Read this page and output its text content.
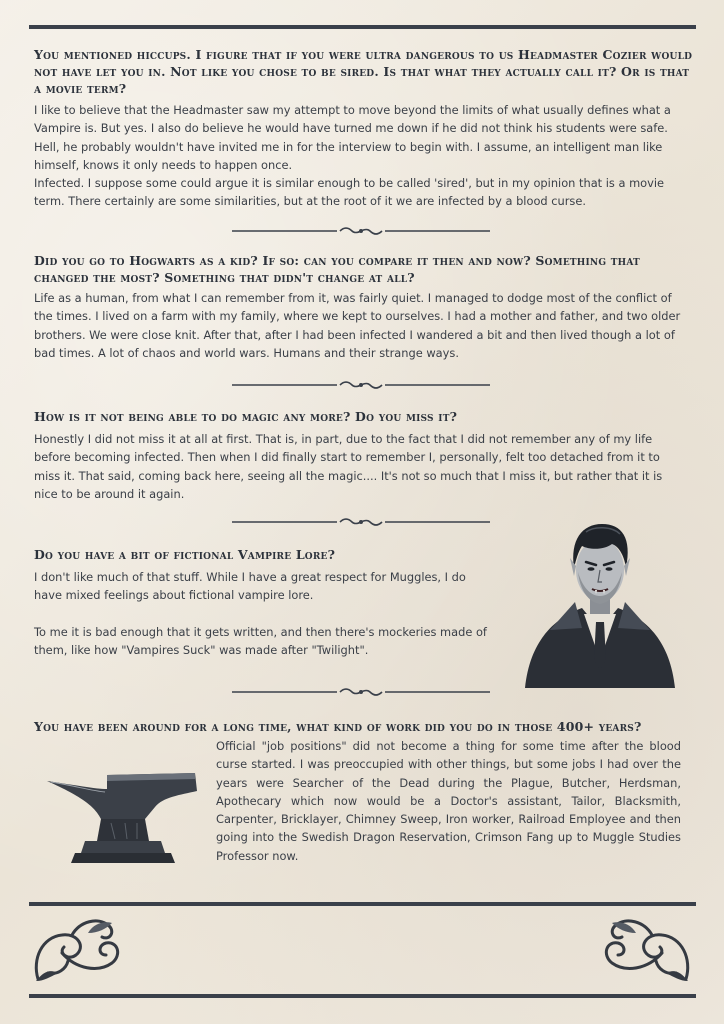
You mentioned hiccups. I figure that if you were ultra dangerous to us Headmaster Cozier would not have let you in. Not like you chose to be sired. Is that what they actually call it? Or is that a movie term?

I like to believe that the Headmaster saw my attempt to move beyond the limits of what usually defines what a Vampire is. But yes. I also do believe he would have turned me down if he did not think his students were safe. Hell, he probably wouldn't have invited me in for the interview to begin with. I assume, an intelligent man like himself, knows it only needs to happen once.

Infected. I suppose some could argue it is similar enough to be called 'sired', but in my opinion that is a movie term. There certainly are some similarities, but at the root of it we are infected by a blood curse.

Did you go to Hogwarts as a kid? If so: can you compare it then and now? Something that changed the most? Something that didn't change at all?

Life as a human, from what I can remember from it, was fairly quiet. I managed to dodge most of the conflict of the times. I lived on a farm with my family, where we kept to ourselves. I had a mother and father, and two older brothers. We were close knit. After that, after I had been infected I wandered a bit and then lived though a lot of bad times. A lot of chaos and world wars. Humans and their strange ways.

How is it not being able to do magic any more? Do you miss it?

Honestly I did not miss it at all at first. That is, in part, due to the fact that I did not remember any of my life before becoming infected. Then when I did finally start to remember I, personally, felt too detached from it to miss it. That said, coming back here, seeing all the magic.... It's not so much that I miss it, but rather that it is nice to be around it again.

Do you have a bit of fictional Vampire Lore?

I don't like much of that stuff. While I have a great respect for Muggles, I do have mixed feelings about fictional vampire lore.

To me it is bad enough that it gets written, and then there's mockeries made of them, like how "Vampires Suck" was made after "Twilight".

You have been around for a long time, what kind of work did you do in those 400+ years?

Official "job positions" did not become a thing for some time after the blood curse started. I was preoccupied with other things, but some jobs I had over the years were Searcher of the Dead during the Plague, Butcher, Herdsman, Apothecary which now would be a Doctor's assistant, Tailor, Blacksmith, Carpenter, Bricklayer, Chimney Sweep, Iron worker, Railroad Employee and then going into the Swedish Dragon Reservation, Crimson Fang up to Muggle Studies Professor now.
